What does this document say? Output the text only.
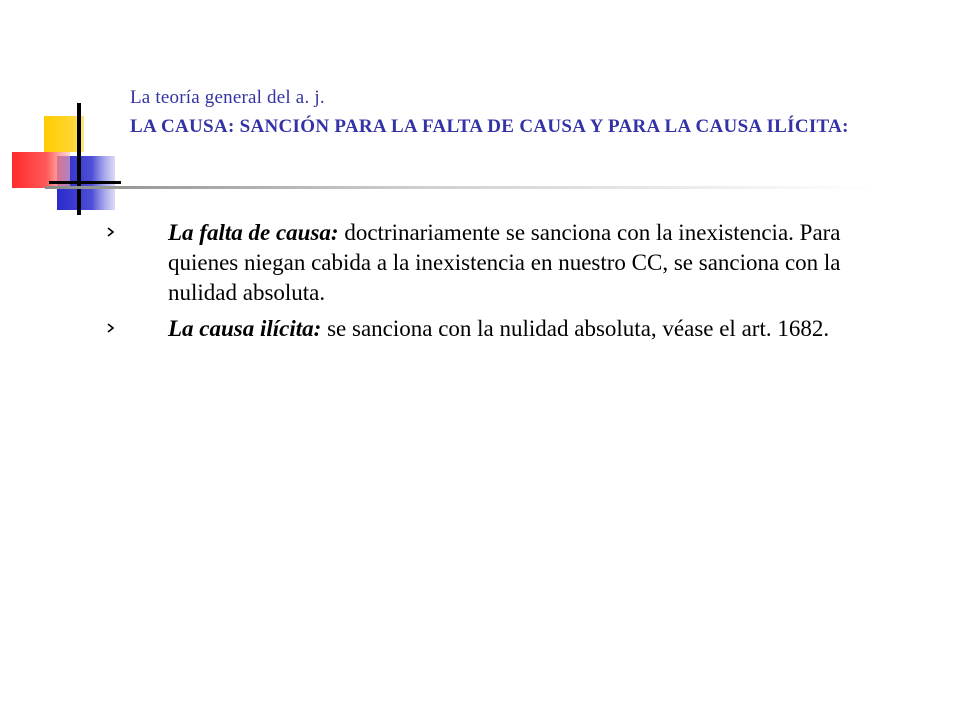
La teoría general del a. j.
LA CAUSA: SANCIÓN PARA LA FALTA DE CAUSA Y PARA LA CAUSA ILÍCITA:
La falta de causa: doctrinariamente se sanciona con la inexistencia. Para quienes niegan cabida a la inexistencia en nuestro CC, se sanciona con la nulidad absoluta.
La causa ilícita: se sanciona con la nulidad absoluta, véase el art. 1682.
